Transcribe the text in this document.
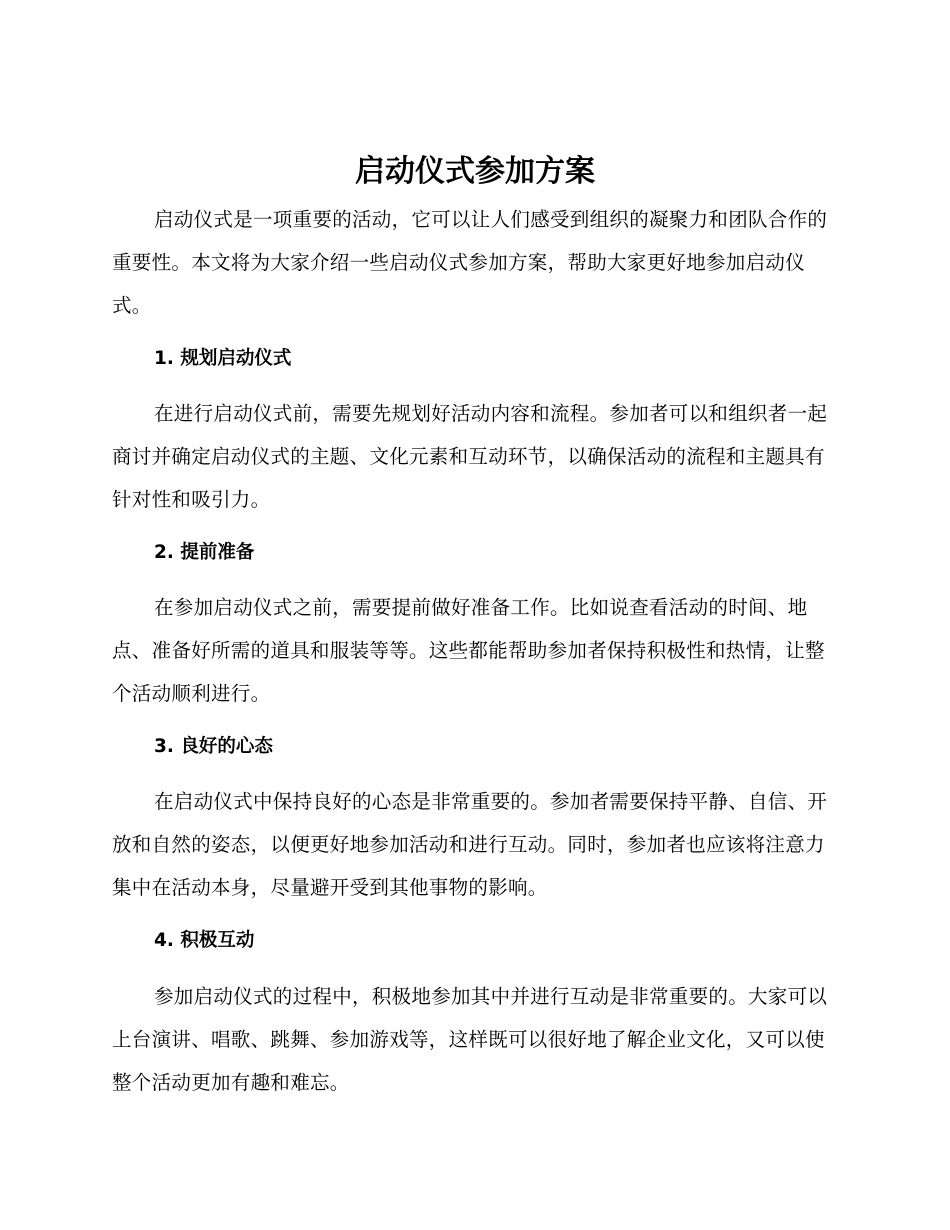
启动仪式参加方案

启动仪式是一项重要的活动，它可以让人们感受到组织的凝聚力和团队合作的重要性。本文将为大家介绍一些启动仪式参加方案，帮助大家更好地参加启动仪式。

1. 规划启动仪式

在进行启动仪式前，需要先规划好活动内容和流程。参加者可以和组织者一起商讨并确定启动仪式的主题、文化元素和互动环节，以确保活动的流程和主题具有针对性和吸引力。

2. 提前准备

在参加启动仪式之前，需要提前做好准备工作。比如说查看活动的时间、地点、准备好所需的道具和服装等等。这些都能帮助参加者保持积极性和热情，让整个活动顺利进行。

3. 良好的心态

在启动仪式中保持良好的心态是非常重要的。参加者需要保持平静、自信、开放和自然的姿态，以便更好地参加活动和进行互动。同时，参加者也应该将注意力集中在活动本身，尽量避开受到其他事物的影响。

4. 积极互动

参加启动仪式的过程中，积极地参加其中并进行互动是非常重要的。大家可以上台演讲、唱歌、跳舞、参加游戏等，这样既可以很好地了解企业文化，又可以使整个活动更加有趣和难忘。
